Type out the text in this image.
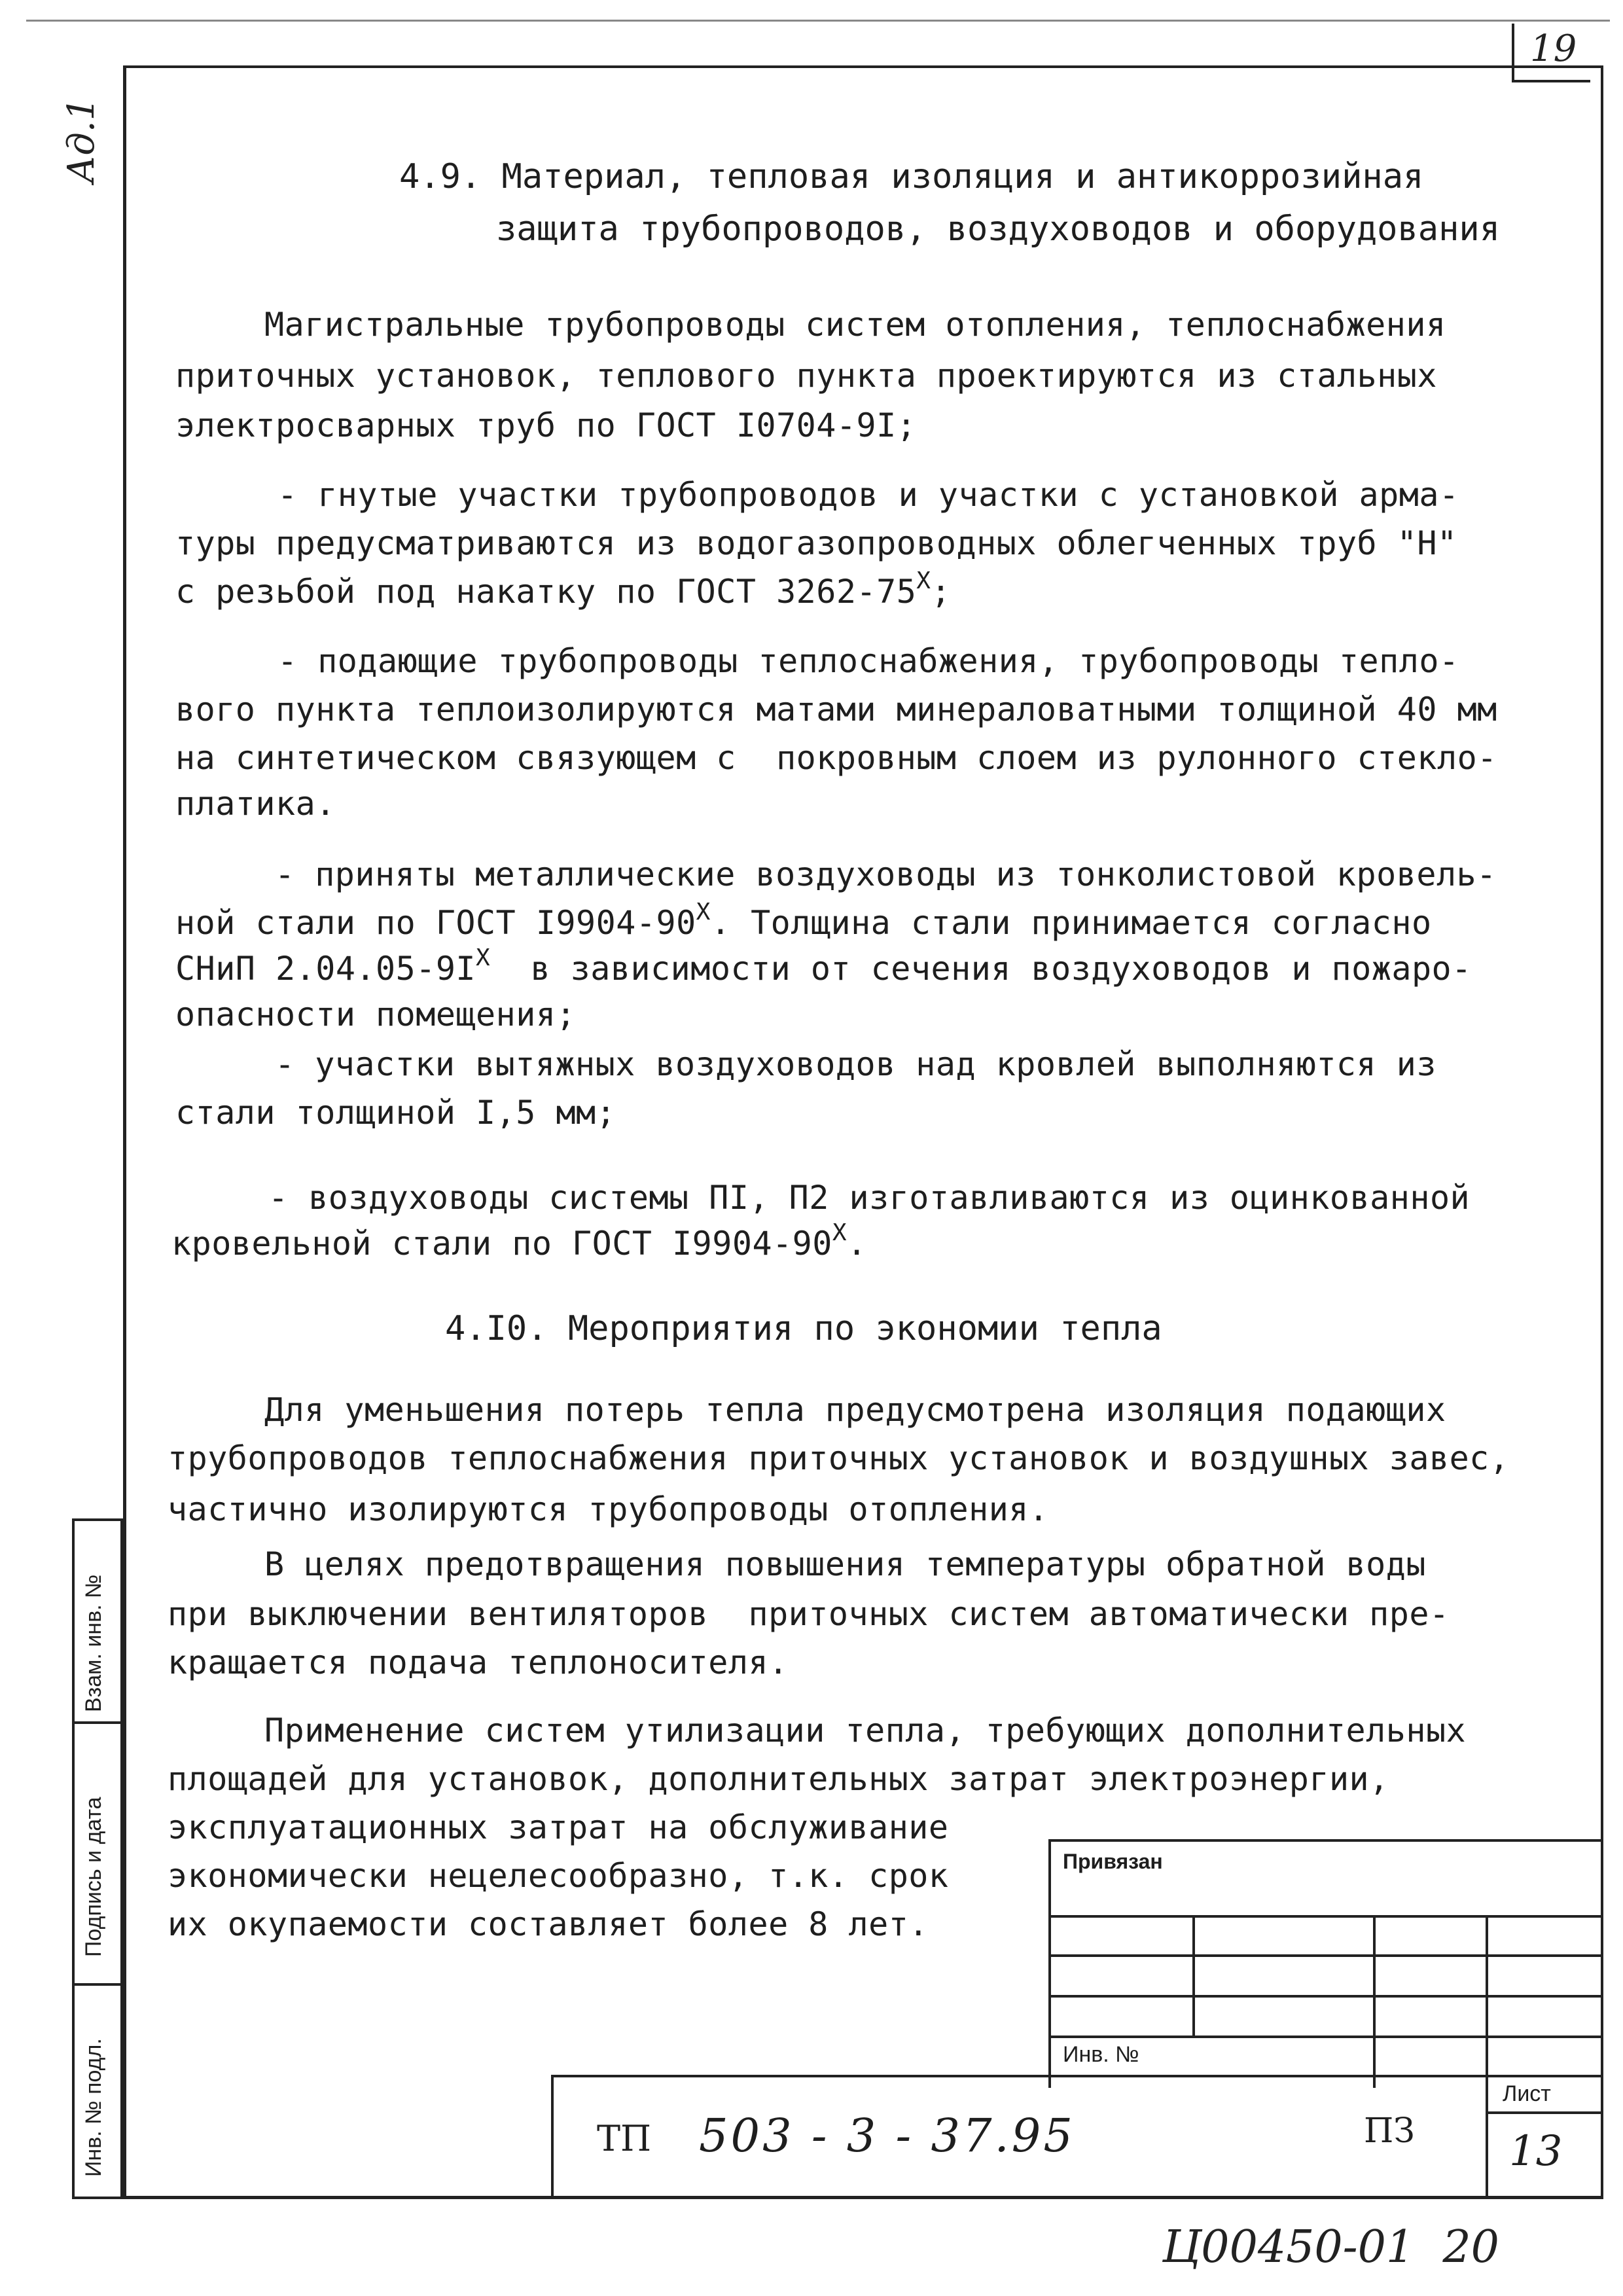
19
Ад.1	4.9. Материал, тепловая изоляция и антикоррозийная
защита трубопроводов, воздуховодов и оборудования
Магистральные трубопроводы систем отопления, теплоснабжения
приточных установок, теплового пункта проектируются из стальных
электросварных труб по ГОСТ I0704-9I;
- гнутые участки трубопроводов и участки с установкой арма-
туры предусматриваются из водогазопроводных облегченных труб "Н"
с резьбой под накатку по ГОСТ $3262-75^X$;
- подающие трубопроводы теплоснабжения, трубопроводы тепло-
вого пункта теплоизолируются матами минераловатными толщиной 40 мм
на синтетическом связующем с  покровным слоем из рулонного стекло-
платика.
- приняты металлические воздуховоды из тонколистовой кровель-
ной стали по ГОСТ $I9904-90^X$. Толщина стали принимается согласно
СНиП $2.04.05-9I^X$  в зависимости от сечения воздуховодов и пожаро-
опасности помещения;
- участки вытяжных воздуховодов над кровлей выполняются из
стали толщиной I,5 мм;
- воздуховоды системы ПI, П2 изготавливаются из оцинкованной
кровельной стали по ГОСТ $I9904-90^X$.
4.I0. Мероприятия по экономии тепла
Для уменьшения потерь тепла предусмотрена изоляция подающих
трубопроводов теплоснабжения приточных установок и воздушных завес,
частично изолируются трубопроводы отопления.
В целях предотвращения повышения температуры обратной воды
при выключении вентиляторов  приточных систем автоматически пре-
кращается подача теплоносителя.
Применение систем утилизации тепла, требующих дополнительных
площадей для установок, дополнительных затрат электроэнергии,
эксплуатационных затрат на обслуживание
экономически нецелесообразно, т.к. срок
их окупаемости составляет более 8 лет.
Взам. инв. №
Подпись и дата
Инв. № подл.
Привязан
Инв. №
ТП 503 - 3 - 37.95	ПЗ
Лист
13
Ц00450-01  20
